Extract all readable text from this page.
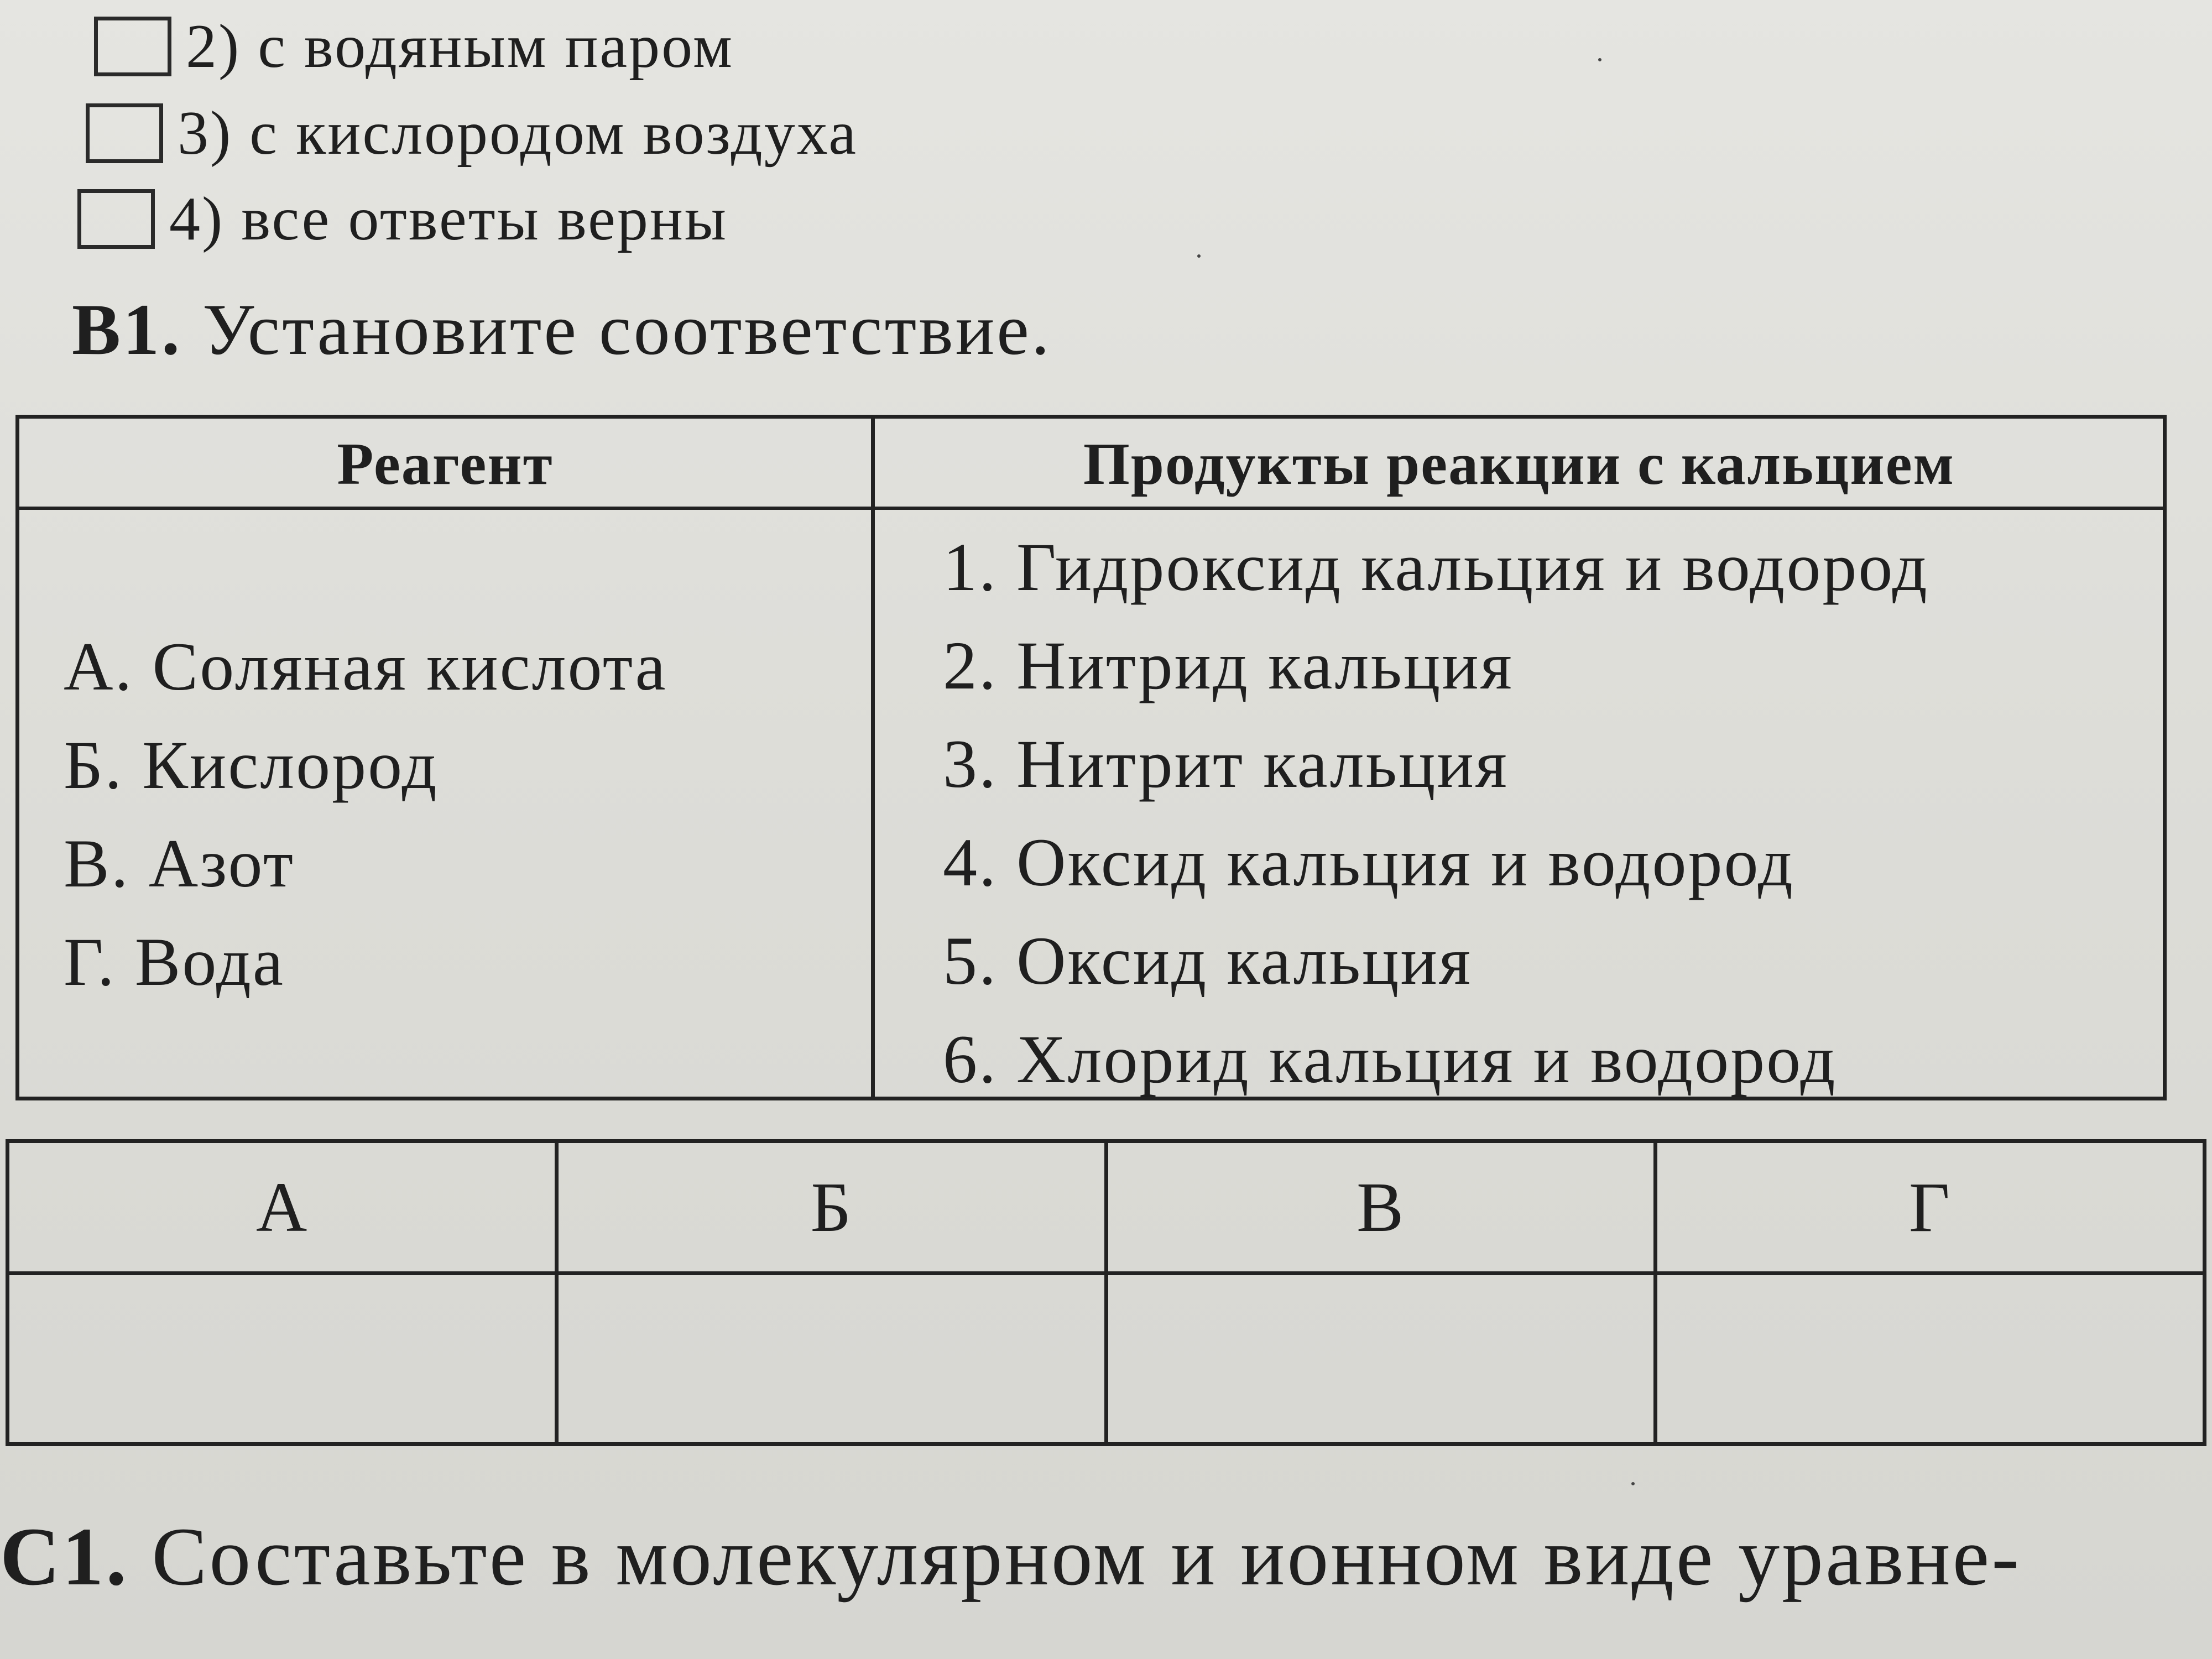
2) с водяным паром
3) с кислородом воздуха
4) все ответы верны
В1. Установите соответствие.
Реагент	Продукты реакции с кальцием
А. Соляная кислота
Б. Кислород
В. Азот
Г. Вода
1. Гидроксид кальция и водород
2. Нитрид кальция
3. Нитрит кальция
4. Оксид кальция и водород
5. Оксид кальция
6. Хлорид кальция и водород
А	Б	В	Г

С1. Составьте в молекулярном и ионном виде уравне-
